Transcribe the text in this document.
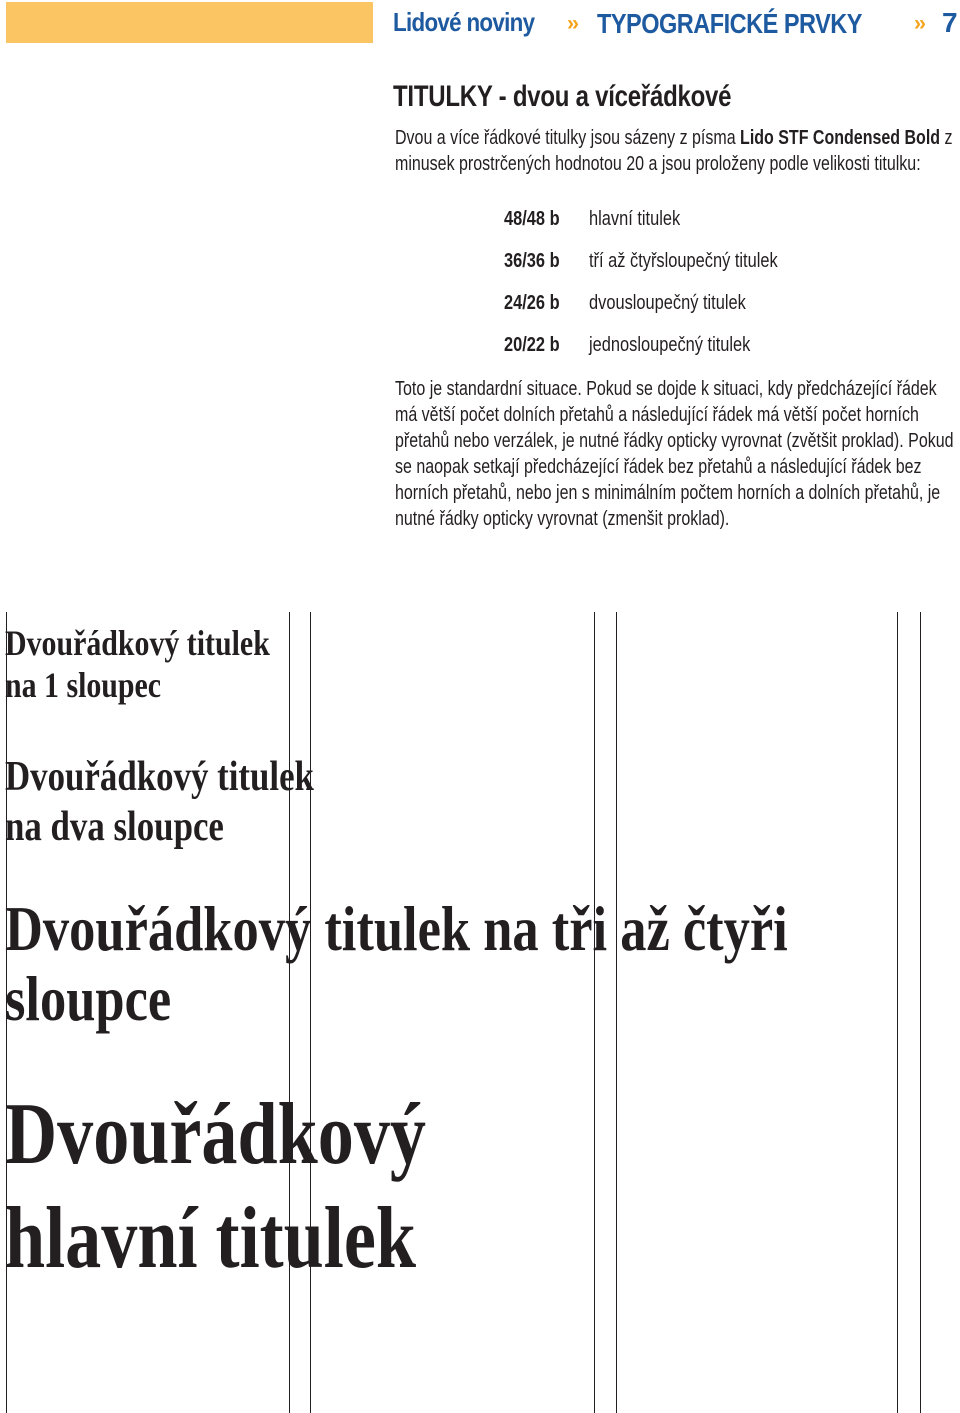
Lidové noviny ›› TYPOGRAFICKÉ PRVKY ›› 7
TITULKY - dvou a víceřádkové
Dvou a více řádkové titulky jsou sázeny z písma Lido STF Condensed Bold z minusek prostrčených hodnotou 20 a jsou proloženy podle velikosti titulku:
48/48 b hlavní titulek
36/36 b tří až čtyřsloupečný titulek
24/26 b dvousloupečný titulek
20/22 b jednosloupečný titulek
Toto je standardní situace. Pokud se dojde k situaci, kdy předcházející řádek má větší počet dolních přetahů a následující řádek má větší počet horních přetahů nebo verzálek, je nutné řádky opticky vyrovnat (zvětšit proklad). Pokud se naopak setkají předcházející řádek bez přetahů a následující řádek bez horních přetahů, nebo jen s minimálním počtem horních a dolních přetahů, je nutné řádky opticky vyrovnat (zmenšit proklad).
Dvouřádkový titulek
na 1 sloupec
Dvouřádkový titulek
na dva sloupce
Dvouřádkový titulek na tři až čtyři
sloupce
Dvouřádkový
hlavní titulek
